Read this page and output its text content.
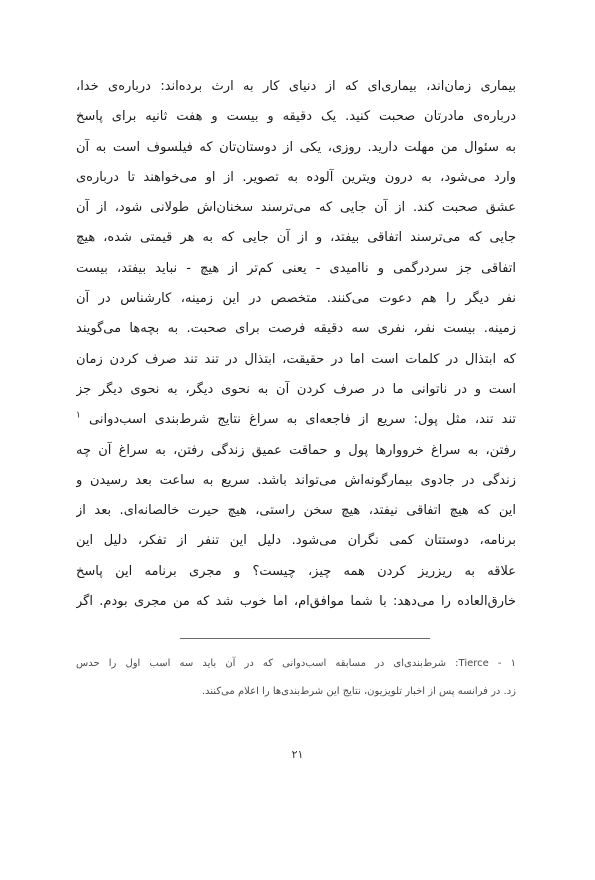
بیماری زمان‌اند، بیماری‌ای که از دنیای کار به ارث برده‌اند: درباره‌ی خدا،
درباره‌ی مادرتان صحبت کنید. یک دقیقه و بیست و هفت ثانیه برای پاسخ
به سئوال من مهلت دارید. روزی، یکی از دوستان‌تان که فیلسوف است به آن
وارد می‌شود، به درون ویترین آلوده به تصویر. از او می‌خواهند تا درباره‌ی
عشق صحبت کند. از آن جایی که می‌ترسند سخنان‌اش طولانی شود، از آن
جایی که می‌ترسند اتفاقی بیفتد، و از آن جایی که به هر قیمتی شده، هیچ
اتفاقی جز سردرگمی و ناامیدی - یعنی کم‌تر از هیچ - نباید بیفتد، بیست
نفر دیگر را هم دعوت می‌کنند. متخصص در این زمینه، کارشناس در آن
زمینه. بیست نفر، نفری سه دقیقه فرصت برای صحبت. به بچه‌ها می‌گویند
که ابتذال در کلمات است اما در حقیقت، ابتذال در تند تند صرف کردن زمان
است و در ناتوانی ما در صرف کردن آن به نحوی دیگر، به نحوی دیگر جز
تند تند، مثل پول: سریع از فاجعه‌ای به سراغ نتایج شرط‌بندی اسب‌دوانی $^۱$
رفتن، به سراغ خرووارها پول و حماقت عمیق زندگی رفتن، به سراغ آن چه
زندگی در جادوی بیمارگونه‌اش می‌تواند باشد. سریع به ساعت بعد رسیدن و
این که هیچ اتفاقی نیفتد، هیچ سخن راستی، هیچ حیرت خالصانه‌ای. بعد از
برنامه، دوستتان کمی نگران می‌شود. دلیل این تنفر از تفکر، دلیل این
علاقه به ریزریز کردن همه چیز، چیست؟ و مجری برنامه این پاسخ
خارق‌العاده را می‌دهد: با شما موافق‌ام، اما خوب شد که من مجری بودم. اگر
۱ - Tierce: شرط‌بندی‌ای در مسابقه اسب‌دوانی که در آن باید سه اسب اول را حدس
زد. در فرانسه پس از اخبار تلویزیون، نتایج این شرط‌بندی‌ها را اعلام می‌کنند.
۲۱
